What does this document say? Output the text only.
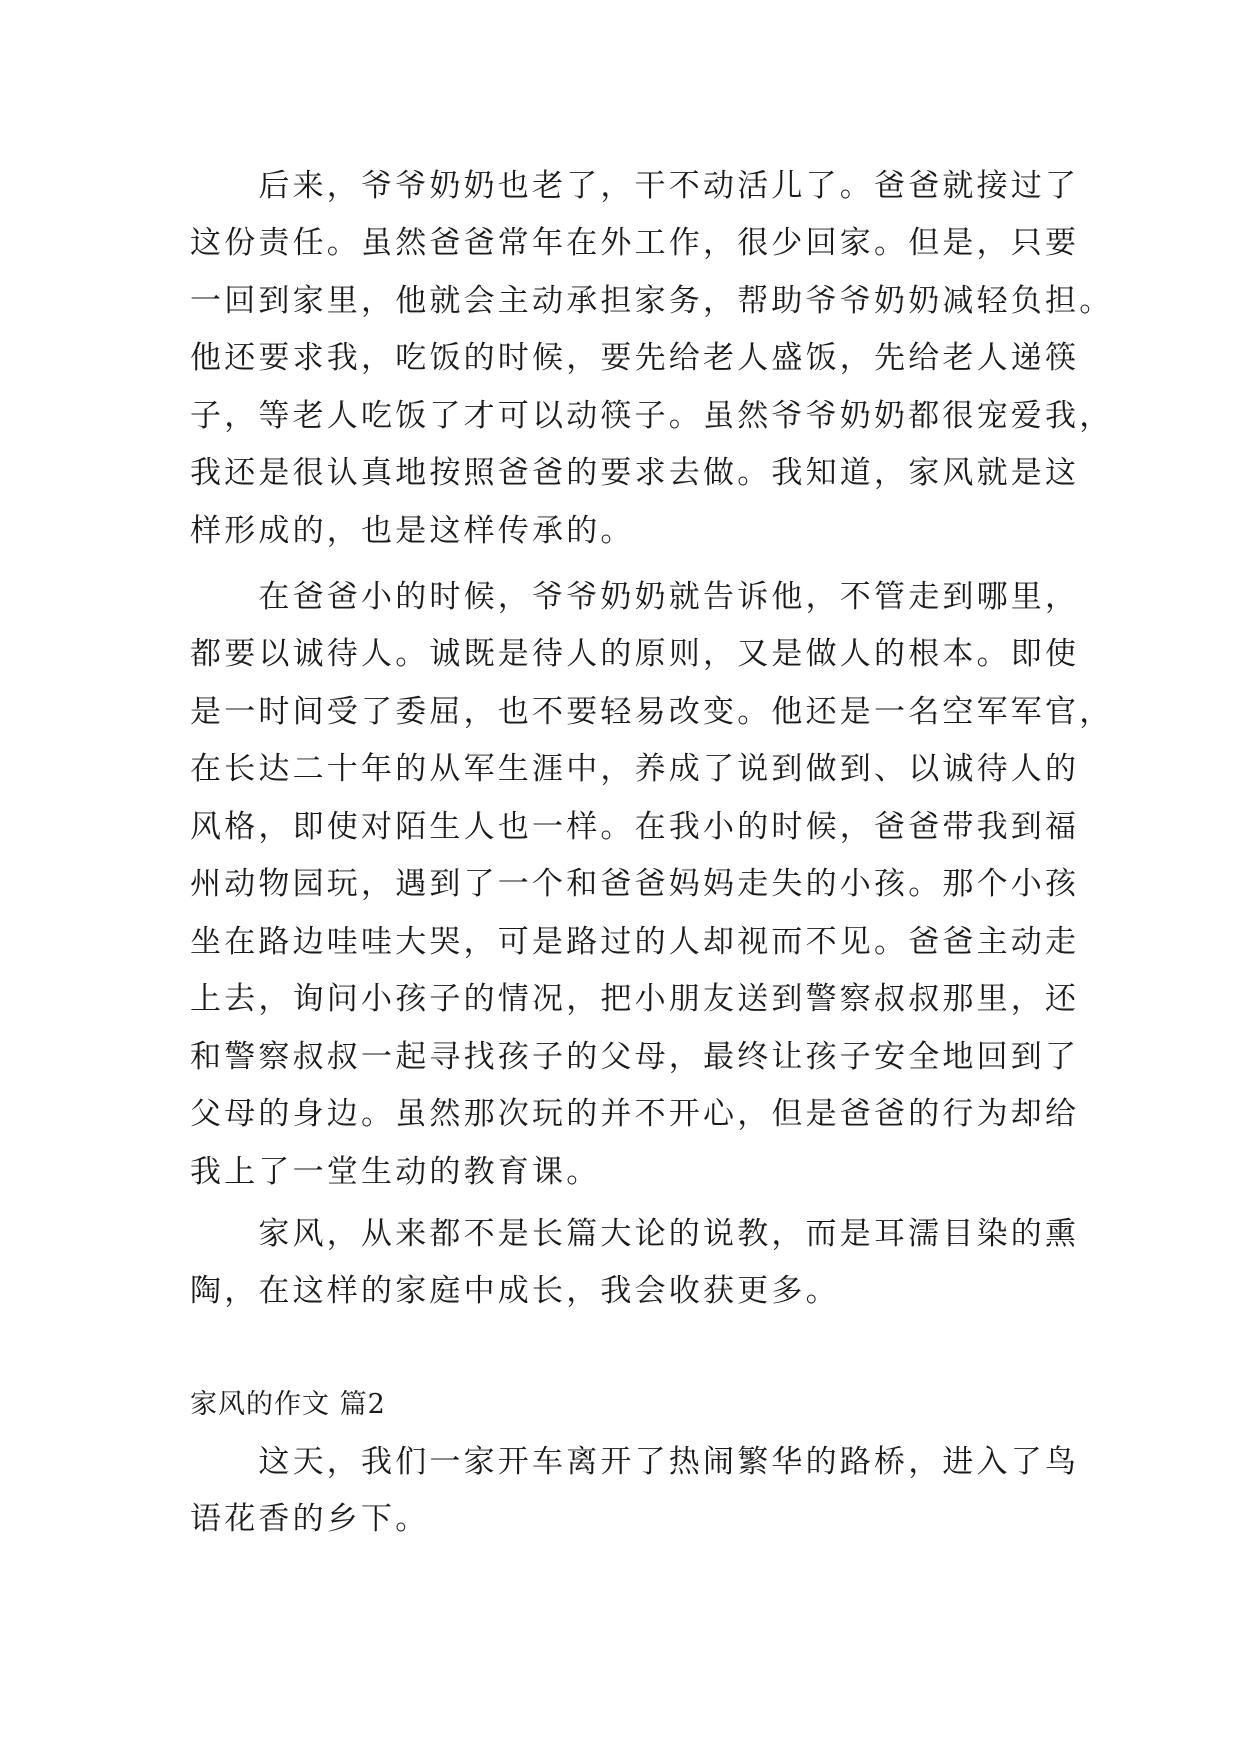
　　后来，爷爷奶奶也老了，干不动活儿了。爸爸就接过了
这份责任。虽然爸爸常年在外工作，很少回家。但是，只要
一回到家里，他就会主动承担家务，帮助爷爷奶奶减轻负担。
他还要求我，吃饭的时候，要先给老人盛饭，先给老人递筷
子，等老人吃饭了才可以动筷子。虽然爷爷奶奶都很宠爱我，
我还是很认真地按照爸爸的要求去做。我知道，家风就是这
样形成的，也是这样传承的。
　　在爸爸小的时候，爷爷奶奶就告诉他，不管走到哪里，
都要以诚待人。诚既是待人的原则，又是做人的根本。即使
是一时间受了委屈，也不要轻易改变。他还是一名空军军官，
在长达二十年的从军生涯中，养成了说到做到、以诚待人的
风格，即使对陌生人也一样。在我小的时候，爸爸带我到福
州动物园玩，遇到了一个和爸爸妈妈走失的小孩。那个小孩
坐在路边哇哇大哭，可是路过的人却视而不见。爸爸主动走
上去，询问小孩子的情况，把小朋友送到警察叔叔那里，还
和警察叔叔一起寻找孩子的父母，最终让孩子安全地回到了
父母的身边。虽然那次玩的并不开心，但是爸爸的行为却给
我上了一堂生动的教育课。
　　家风，从来都不是长篇大论的说教，而是耳濡目染的熏
陶，在这样的家庭中成长，我会收获更多。
家风的作文 篇2
　　这天，我们一家开车离开了热闹繁华的路桥，进入了鸟
语花香的乡下。
